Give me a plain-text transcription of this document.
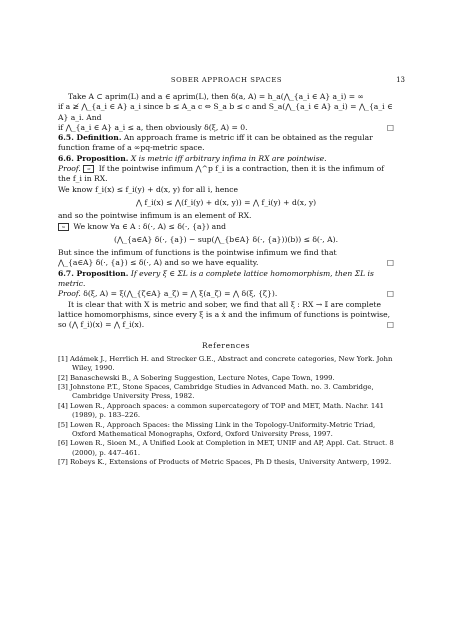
SOBER APPROACH SPACES	13

Take A ⊂ aprim(L) and a ∈ aprim(L), then δ(a, A) = h_a(⋀_{a_i ∈ A} a_i) = ∞

if a ≱ ⋀_{a_i ∈ A} a_i since b ≤ A_a c ⇔ S_a b ≤ c and S_a(⋀_{a_i ∈ A} a_i) = ⋀_{a_i ∈ A} a_i. And

if ⋀_{a_i ∈ A} a_i ≤ a, then obviously δ(ξ, A) = 0.	□

6.5. Definition. An approach frame is metric iff it can be obtained as the regular function frame of a ∞pq-metric space.

6.6. Proposition. X is metric iff arbitrary infima in RX are pointwise.

Proof. ⇒ If the pointwise infimum ⋀^p f_i is a contraction, then it is the infimum of the f_i in RX.

We know f_i(x) ≤ f_i(y) + d(x, y) for all i, hence

⋀ f_i(x) ≤ ⋀(f_i(y) + d(x, y)) = ⋀ f_i(y) + d(x, y)

and so the pointwise infimum is an element of RX.

⇐ We know ∀a ∈ A : δ(·, A) ≤ δ(·, {a}) and

(⋀_{a∈A} δ(·, {a}) − sup(⋀_{b∈A} δ(·, {a}))(b)) ≤ δ(·, A).

But since the infimum of functions is the pointwise infimum we find that

⋀_{a∈A} δ(·, {a}) ≤ δ(·, A) and so we have equality.	□

6.7. Proposition. If every ξ ∈ ΣL is a complete lattice homomorphism, then ΣL is metric.

Proof. δ(ξ, A) = ξ(⋀_{ζ∈A} a_ζ) = ⋀ ξ(a_ζ) = ⋀ δ(ξ, {ζ}).	□

It is clear that with X is metric and sober, we find that all ξ : RX → 𝕀 are complete lattice homomorphisms, since every ξ is a ẋ and the infimum of functions is pointwise, so (⋀ f_i)(x) = ⋀ f_i(x).	□

References
[1] Adámek J., Herrlich H. and Strecker G.E., Abstract and concrete categories, New York. John Wiley, 1990.
[2] Banaschewski B., A Sobering Suggestion, Lecture Notes, Cape Town, 1999.
[3] Johnstone P.T., Stone Spaces, Cambridge Studies in Advanced Math. no. 3. Cambridge, Cambridge University Press, 1982.
[4] Lowen R., Approach spaces: a common supercategory of TOP and MET, Math. Nachr. 141 (1989), p. 183–226.
[5] Lowen R., Approach Spaces: the Missing Link in the Topology-Uniformity-Metric Triad, Oxford Mathematical Monographs, Oxford, Oxford University Press, 1997.
[6] Lowen R., Sioen M., A Unified Look at Completion in MET, UNIF and AP, Appl. Cat. Struct. 8 (2000), p. 447–461.
[7] Robeys K., Extensions of Products of Metric Spaces, Ph D thesis, University Antwerp, 1992.
